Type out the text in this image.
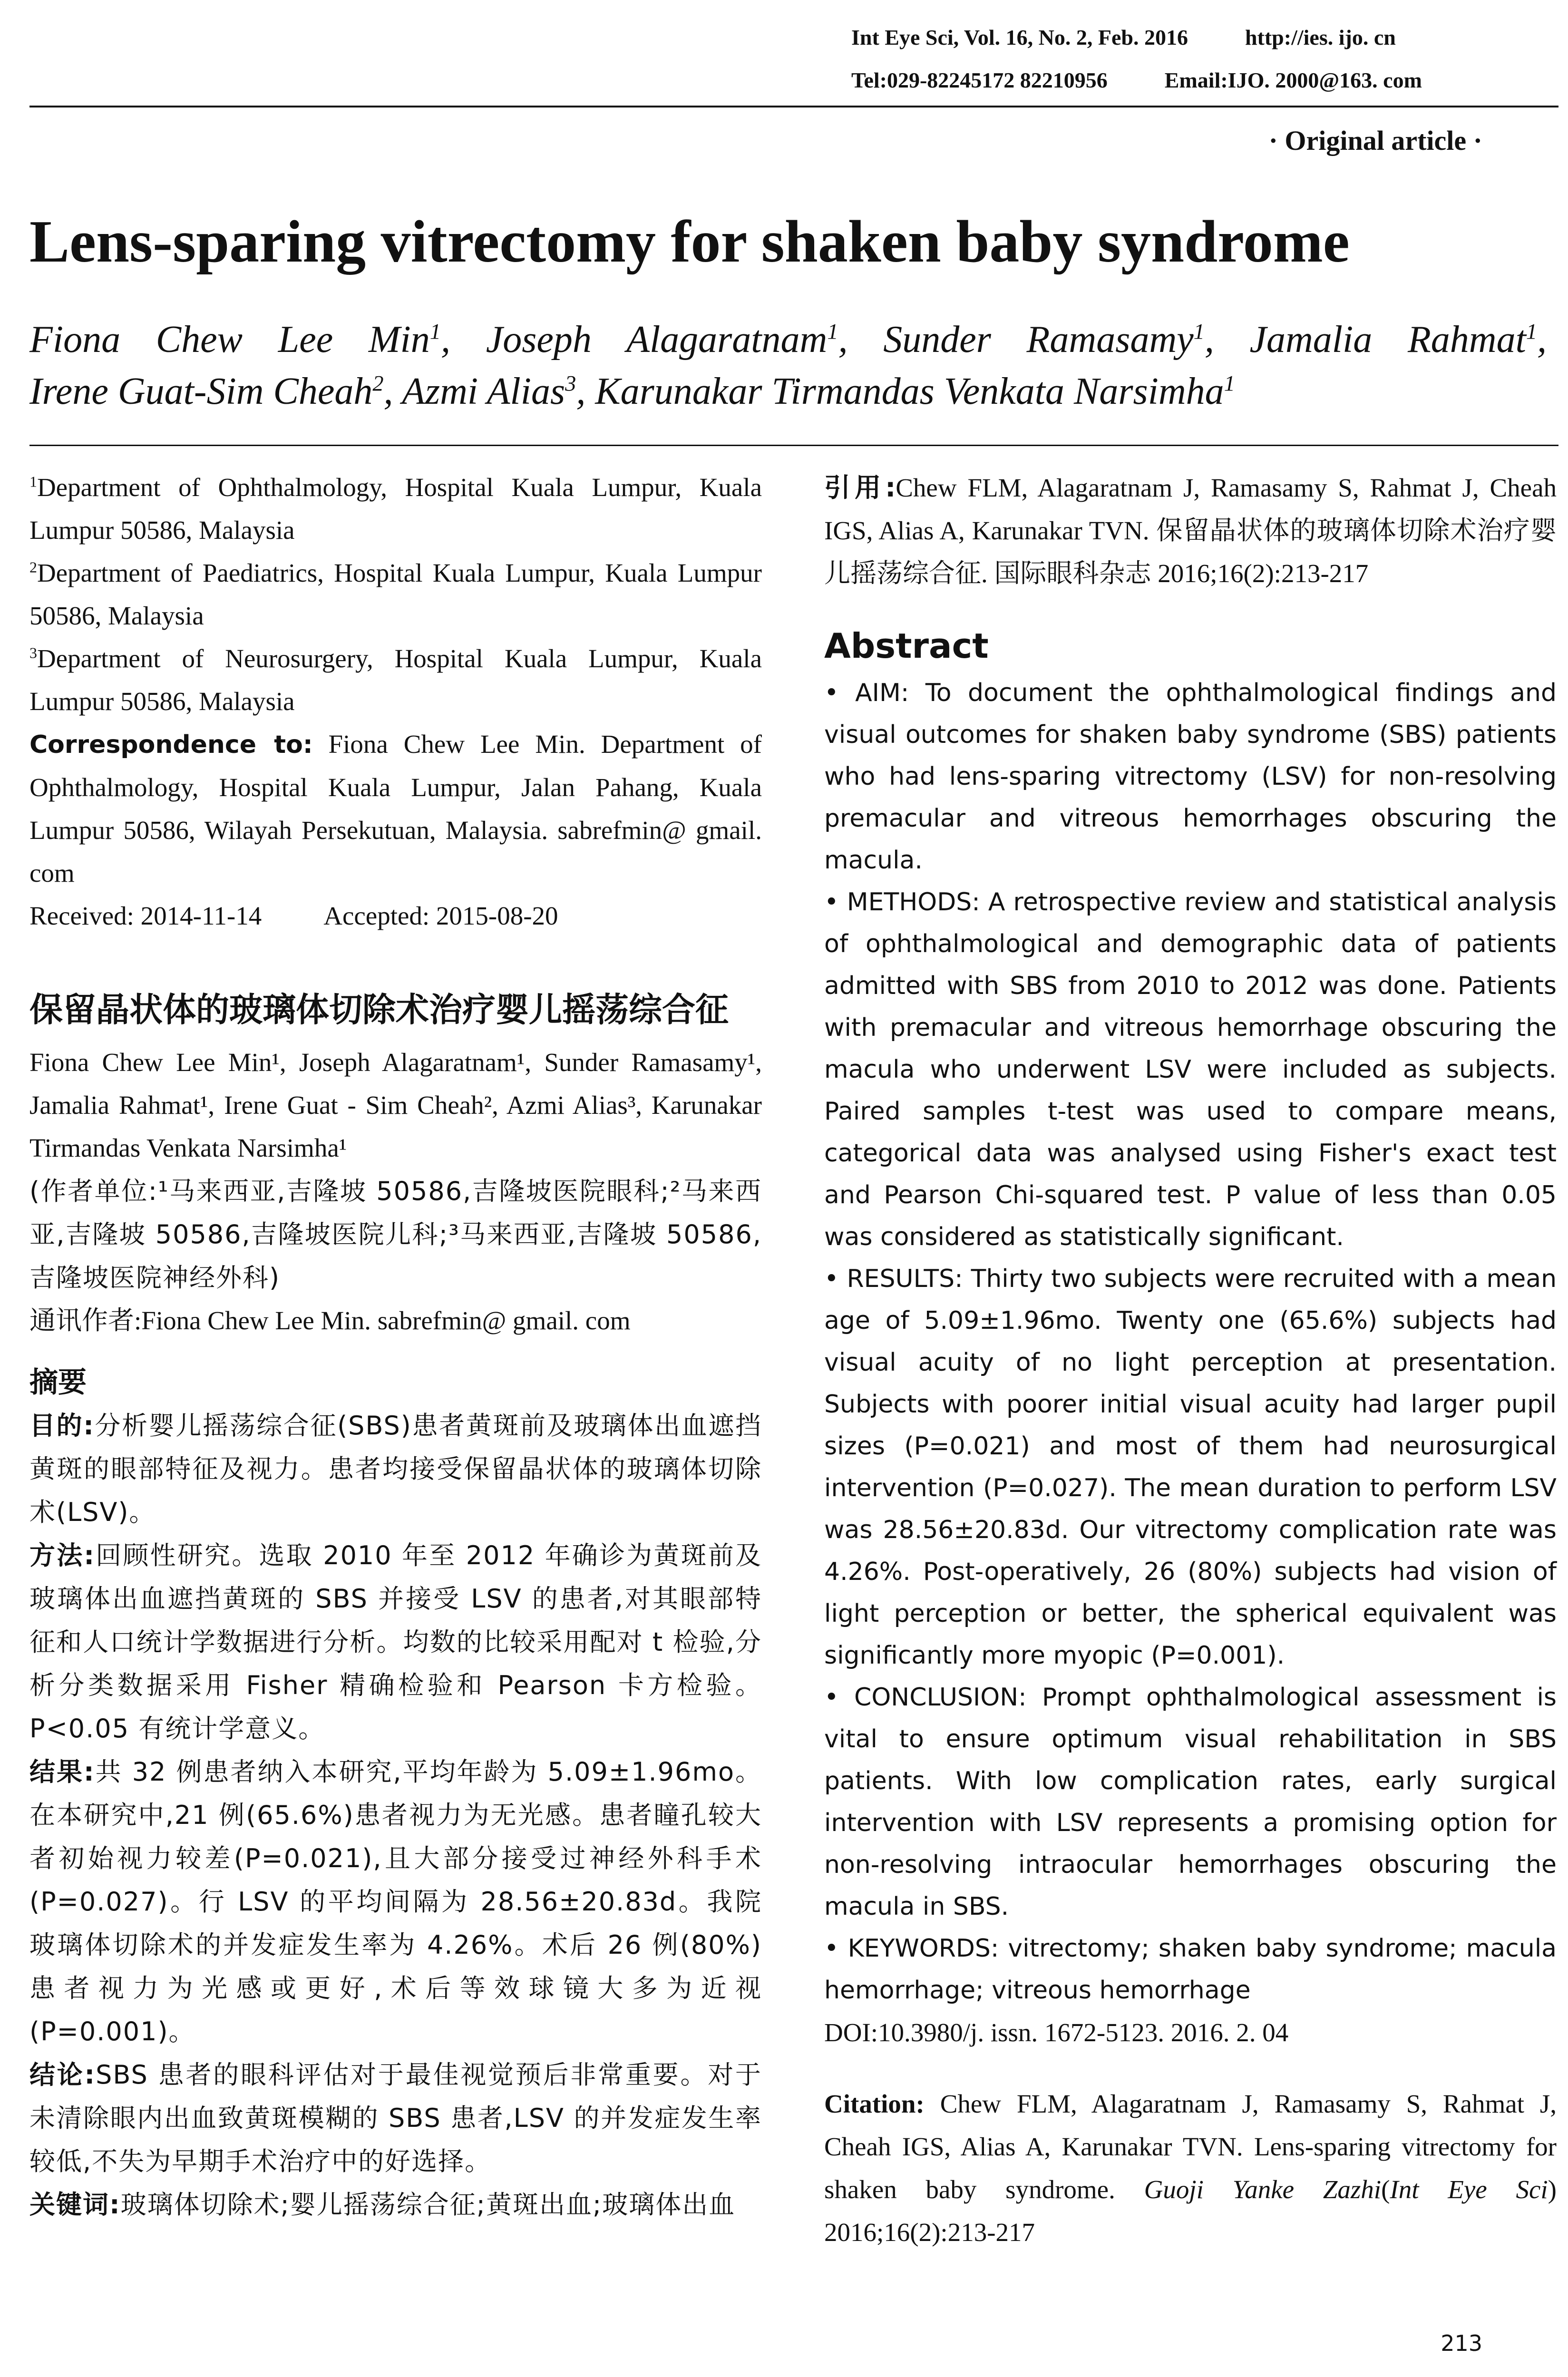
Int Eye Sci, Vol. 16, No. 2, Feb. 2016	http://ies. ijo. cn
Tel:029-82245172 82210956	Email:IJO. 2000@163. com
· Original article ·
Lens-sparing vitrectomy for shaken baby syndrome
Fiona Chew Lee Min$^1$, Joseph Alagaratnam$^1$, Sunder Ramasamy$^1$, Jamalia Rahmat$^1$, Irene Guat-Sim Cheah$^2$, Azmi Alias$^3$, Karunakar Tirmandas Venkata Narsimha$^1$

$^1$Department of Ophthalmology, Hospital Kuala Lumpur, Kuala Lumpur 50586, Malaysia

$^2$Department of Paediatrics, Hospital Kuala Lumpur, Kuala Lumpur 50586, Malaysia

$^3$Department of Neurosurgery, Hospital Kuala Lumpur, Kuala Lumpur 50586, Malaysia

Correspondence to: Fiona Chew Lee Min. Department of Ophthalmology, Hospital Kuala Lumpur, Jalan Pahang, Kuala Lumpur 50586, Wilayah Persekutuan, Malaysia. sabrefmin@ gmail. com

Received: 2014-11-14 Accepted: 2015-08-20

保留晶状体的玻璃体切除术治疗婴儿摇荡综合征

Fiona Chew Lee Min¹, Joseph Alagaratnam¹, Sunder Ramasamy¹, Jamalia Rahmat¹, Irene Guat - Sim Cheah², Azmi Alias³, Karunakar Tirmandas Venkata Narsimha¹

(作者单位:¹马来西亚,吉隆坡 50586,吉隆坡医院眼科;²马来西亚,吉隆坡 50586,吉隆坡医院儿科;³马来西亚,吉隆坡 50586,吉隆坡医院神经外科)

通讯作者:Fiona Chew Lee Min. sabrefmin@ gmail. com

摘要

目的:分析婴儿摇荡综合征(SBS)患者黄斑前及玻璃体出血遮挡黄斑的眼部特征及视力。患者均接受保留晶状体的玻璃体切除术(LSV)。

方法:回顾性研究。选取 2010 年至 2012 年确诊为黄斑前及玻璃体出血遮挡黄斑的 SBS 并接受 LSV 的患者,对其眼部特征和人口统计学数据进行分析。均数的比较采用配对 t 检验,分析分类数据采用 Fisher 精确检验和 Pearson 卡方检验。P<0.05 有统计学意义。

结果:共 32 例患者纳入本研究,平均年龄为 5.09±1.96mo。在本研究中,21 例(65.6%)患者视力为无光感。患者瞳孔较大者初始视力较差(P=0.021),且大部分接受过神经外科手术(P=0.027)。行 LSV 的平均间隔为 28.56±20.83d。我院玻璃体切除术的并发症发生率为 4.26%。术后 26 例(80%)患者视力为光感或更好,术后等效球镜大多为近视(P=0.001)。

结论:SBS 患者的眼科评估对于最佳视觉预后非常重要。对于未清除眼内出血致黄斑模糊的 SBS 患者,LSV 的并发症发生率较低,不失为早期手术治疗中的好选择。

关键词:玻璃体切除术;婴儿摇荡综合征;黄斑出血;玻璃体出血

引用:Chew FLM, Alagaratnam J, Ramasamy S, Rahmat J, Cheah IGS, Alias A, Karunakar TVN. 保留晶状体的玻璃体切除术治疗婴儿摇荡综合征. 国际眼科杂志 2016;16(2):213-217

Abstract

• AIM: To document the ophthalmological findings and visual outcomes for shaken baby syndrome (SBS) patients who had lens-sparing vitrectomy (LSV) for non-resolving premacular and vitreous hemorrhages obscuring the macula.

• METHODS: A retrospective review and statistical analysis of ophthalmological and demographic data of patients admitted with SBS from 2010 to 2012 was done. Patients with premacular and vitreous hemorrhage obscuring the macula who underwent LSV were included as subjects. Paired samples t-test was used to compare means, categorical data was analysed using Fisher's exact test and Pearson Chi-squared test. P value of less than 0.05 was considered as statistically significant.

• RESULTS: Thirty two subjects were recruited with a mean age of 5.09±1.96mo. Twenty one (65.6%) subjects had visual acuity of no light perception at presentation. Subjects with poorer initial visual acuity had larger pupil sizes (P=0.021) and most of them had neurosurgical intervention (P=0.027). The mean duration to perform LSV was 28.56±20.83d. Our vitrectomy complication rate was 4.26%. Post-operatively, 26 (80%) subjects had vision of light perception or better, the spherical equivalent was significantly more myopic (P=0.001).

• CONCLUSION: Prompt ophthalmological assessment is vital to ensure optimum visual rehabilitation in SBS patients. With low complication rates, early surgical intervention with LSV represents a promising option for non-resolving intraocular hemorrhages obscuring the macula in SBS.

• KEYWORDS: vitrectomy; shaken baby syndrome; macula hemorrhage; vitreous hemorrhage

DOI:10.3980/j. issn. 1672-5123. 2016. 2. 04

Citation: Chew FLM, Alagaratnam J, Ramasamy S, Rahmat J, Cheah IGS, Alias A, Karunakar TVN. Lens-sparing vitrectomy for shaken baby syndrome. Guoji Yanke Zazhi(Int Eye Sci) 2016;16(2):213-217

213
